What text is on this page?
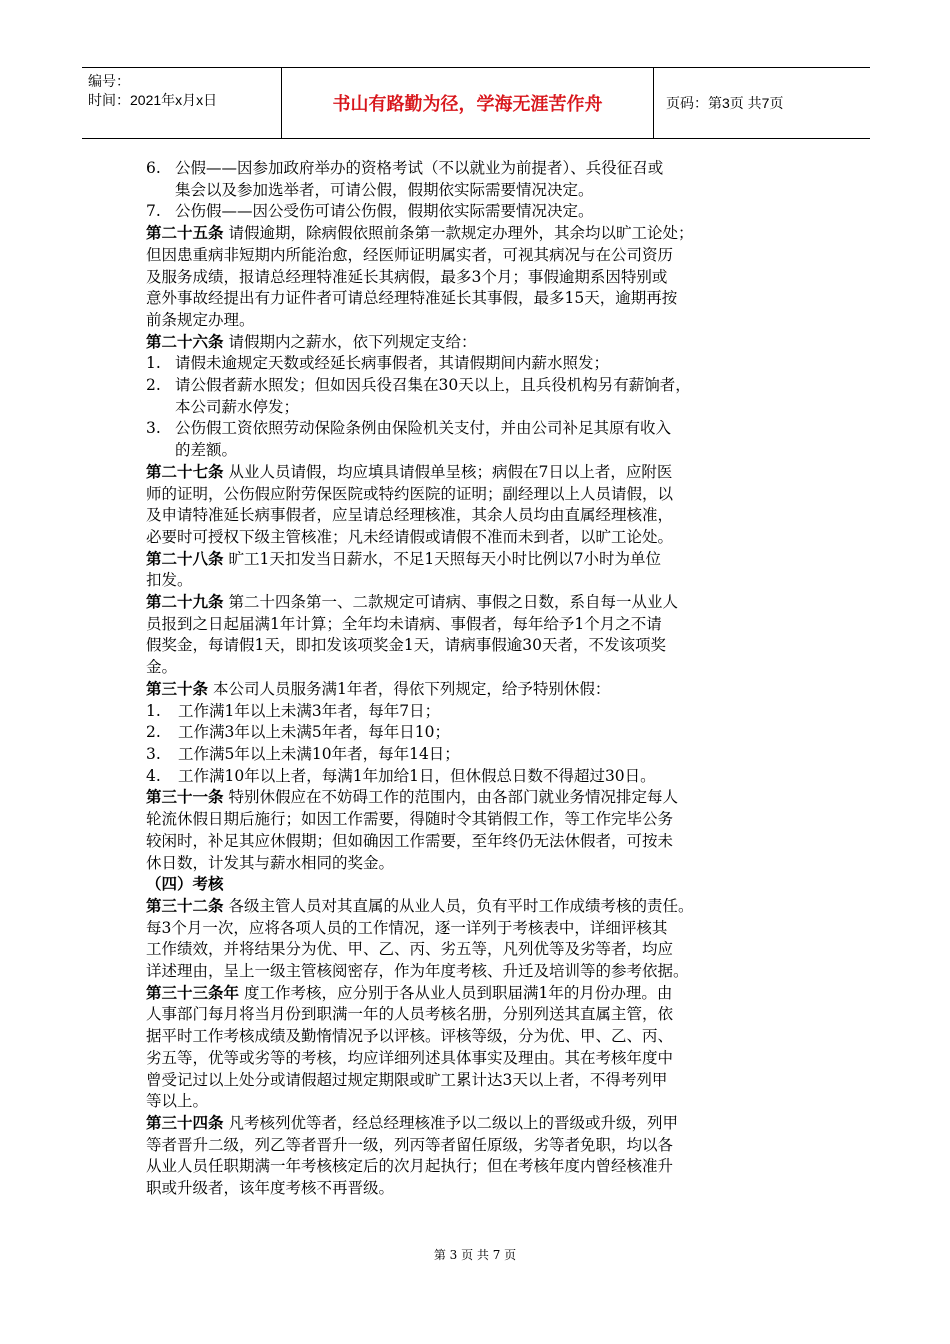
编号：
时间：2021年x月x日	书山有路勤为径，学海无涯苦作舟	页码：第3页 共7页
6. 公假——因参加政府举办的资格考试（不以就业为前提者）、兵役征召或
集会以及参加选举者，可请公假，假期依实际需要情况决定。
7. 公伤假——因公受伤可请公伤假，假期依实际需要情况决定。
第二十五条 请假逾期，除病假依照前条第一款规定办理外，其余均以旷工论处；
但因患重病非短期内所能治愈，经医师证明属实者，可视其病况与在公司资历
及服务成绩，报请总经理特准延长其病假，最多3个月；事假逾期系因特别或
意外事故经提出有力证件者可请总经理特准延长其事假，最多15天，逾期再按
前条规定办理。
第二十六条 请假期内之薪水，依下列规定支给：
1. 请假未逾规定天数或经延长病事假者，其请假期间内薪水照发；
2. 请公假者薪水照发；但如因兵役召集在30天以上，且兵役机构另有薪饷者，
本公司薪水停发；
3. 公伤假工资依照劳动保险条例由保险机关支付，并由公司补足其原有收入
的差额。
第二十七条 从业人员请假，均应填具请假单呈核；病假在7日以上者，应附医
师的证明，公伤假应附劳保医院或特约医院的证明；副经理以上人员请假，以
及申请特准延长病事假者，应呈请总经理核准，其余人员均由直属经理核准，
必要时可授权下级主管核准；凡未经请假或请假不准而未到者，以旷工论处。
第二十八条 旷工1天扣发当日薪水，不足1天照每天小时比例以7小时为单位
扣发。
第二十九条 第二十四条第一、二款规定可请病、事假之日数，系自每一从业人
员报到之日起届满1年计算；全年均未请病、事假者，每年给予1个月之不请
假奖金，每请假1天，即扣发该项奖金1天，请病事假逾30天者，不发该项奖
金。
第三十条 本公司人员服务满1年者，得依下列规定，给予特别休假：
1. 工作满1年以上未满3年者，每年7日；
2. 工作满3年以上未满5年者，每年日10；
3. 工作满5年以上未满10年者，每年14日；
4. 工作满10年以上者，每满1年加给1日，但休假总日数不得超过30日。
第三十一条 特别休假应在不妨碍工作的范围内，由各部门就业务情况排定每人
轮流休假日期后施行；如因工作需要，得随时令其销假工作，等工作完毕公务
较闲时，补足其应休假期；但如确因工作需要，至年终仍无法休假者，可按未
休日数，计发其与薪水相同的奖金。
（四）考核
第三十二条 各级主管人员对其直属的从业人员，负有平时工作成绩考核的责任。
每3个月一次，应将各项人员的工作情况，逐一详列于考核表中，详细评核其
工作绩效，并将结果分为优、甲、乙、丙、劣五等，凡列优等及劣等者，均应
详述理由，呈上一级主管核阅密存，作为年度考核、升迁及培训等的参考依据。
第三十三条年 度工作考核，应分别于各从业人员到职届满1年的月份办理。由
人事部门每月将当月份到职满一年的人员考核名册，分别列送其直属主管，依
据平时工作考核成绩及勤惰情况予以评核。评核等级，分为优、甲、乙、丙、
劣五等，优等或劣等的考核，均应详细列述具体事实及理由。其在考核年度中
曾受记过以上处分或请假超过规定期限或旷工累计达3天以上者，不得考列甲
等以上。
第三十四条 凡考核列优等者，经总经理核准予以二级以上的晋级或升级，列甲
等者晋升二级，列乙等者晋升一级，列丙等者留任原级，劣等者免职，均以各
从业人员任职期满一年考核核定后的次月起执行；但在考核年度内曾经核准升
职或升级者，该年度考核不再晋级。
第 3 页 共 7 页
